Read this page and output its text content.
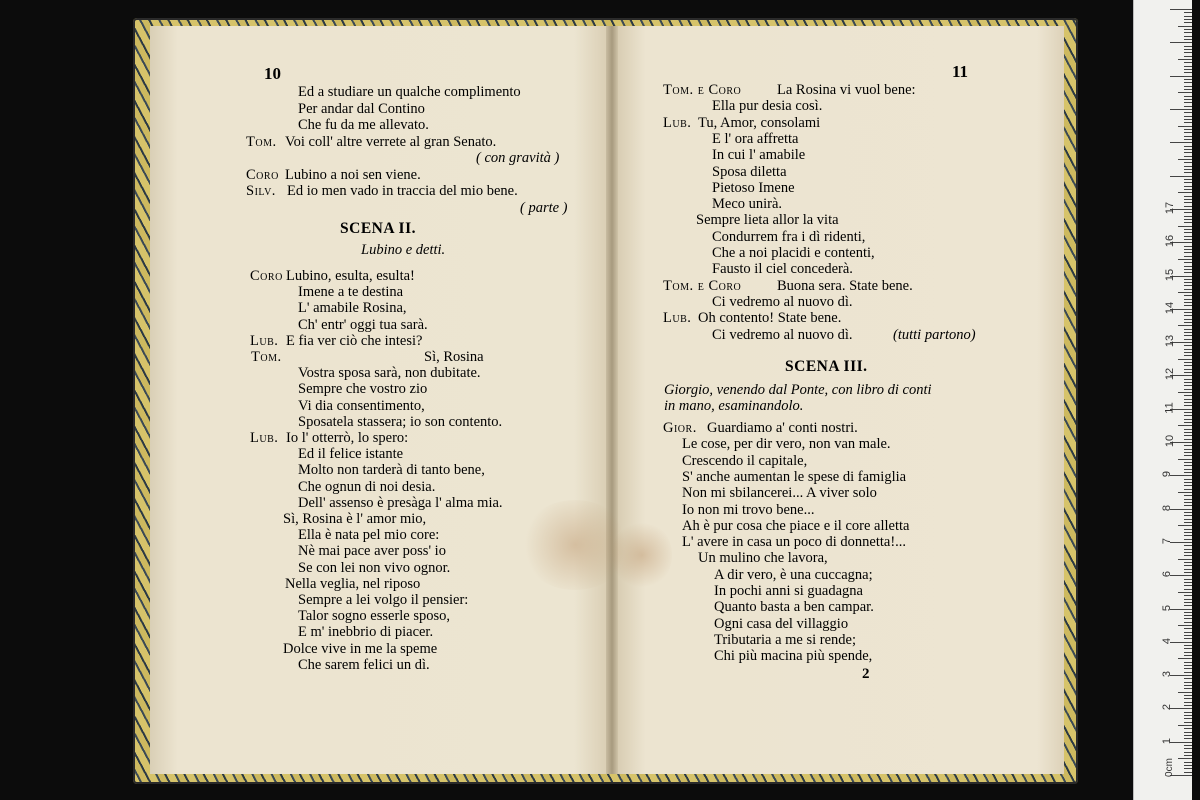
10	11
SCENA II.
Lubino e detti.
SCENA III.
Giorgio, venendo dal Ponte, con libro di conti
in mano, esaminandolo.
2
1
2
3
4
5
6
7
8
9
10
11
12
13
14
15
16
17
0cm
Ed a studiare un qualche complimento
Per andar dal Contino
Che fu da me allevato.
Tom. Voi coll' altre verrete al gran Senato.
( con gravità )
Coro Lubino a noi sen viene.
Silv. Ed io men vado in traccia del mio bene.
( parte )
Coro Lubino, esulta, esulta!
Imene a te destina
L' amabile Rosina,
Ch' entr' oggi tua sarà.
Lub. E fia ver ciò che intesi?
Tom.	Sì, Rosina
Vostra sposa sarà, non dubitate.
Sempre che vostro zio
Vi dia consentimento,
Sposatela stassera; io son contento.
Lub. Io l' otterrò, lo spero:
Ed il felice istante
Molto non tarderà di tanto bene,
Che ognun di noi desia.
Dell' assenso è presàga l' alma mia.
Sì, Rosina è l' amor mio,
Ella è nata pel mio core:
Nè mai pace aver poss' io
Se con lei non vivo ognor.
Nella veglia, nel riposo
Sempre a lei volgo il pensier:
Talor sogno esserle sposo,
E m' inebbrio di piacer.
Dolce vive in me la speme
Che sarem felici un dì.
Tom. e Coro La Rosina vi vuol bene:
Ella pur desia così.
Lub. Tu, Amor, consolami
E l' ora affretta
In cui l' amabile
Sposa diletta
Pietoso Imene
Meco unirà.
Sempre lieta allor la vita
Condurrem fra i dì ridenti,
Che a noi placidi e contenti,
Fausto il ciel concederà.
Tom. e Coro Buona sera. State bene.
Ci vedremo al nuovo dì.
Lub. Oh contento! State bene.
Ci vedremo al nuovo dì.	(tutti partono)
Gior. Guardiamo a' conti nostri.
Le cose, per dir vero, non van male.
Crescendo il capitale,
S' anche aumentan le spese di famiglia
Non mi sbilancerei... A viver solo
Io non mi trovo bene...
Ah è pur cosa che piace e il core alletta
L' avere in casa un poco di donnetta!...
Un mulino che lavora,
A dir vero, è una cuccagna;
In pochi anni si guadagna
Quanto basta a ben campar.
Ogni casa del villaggio
Tributaria a me si rende;
Chi più macina più spende,
